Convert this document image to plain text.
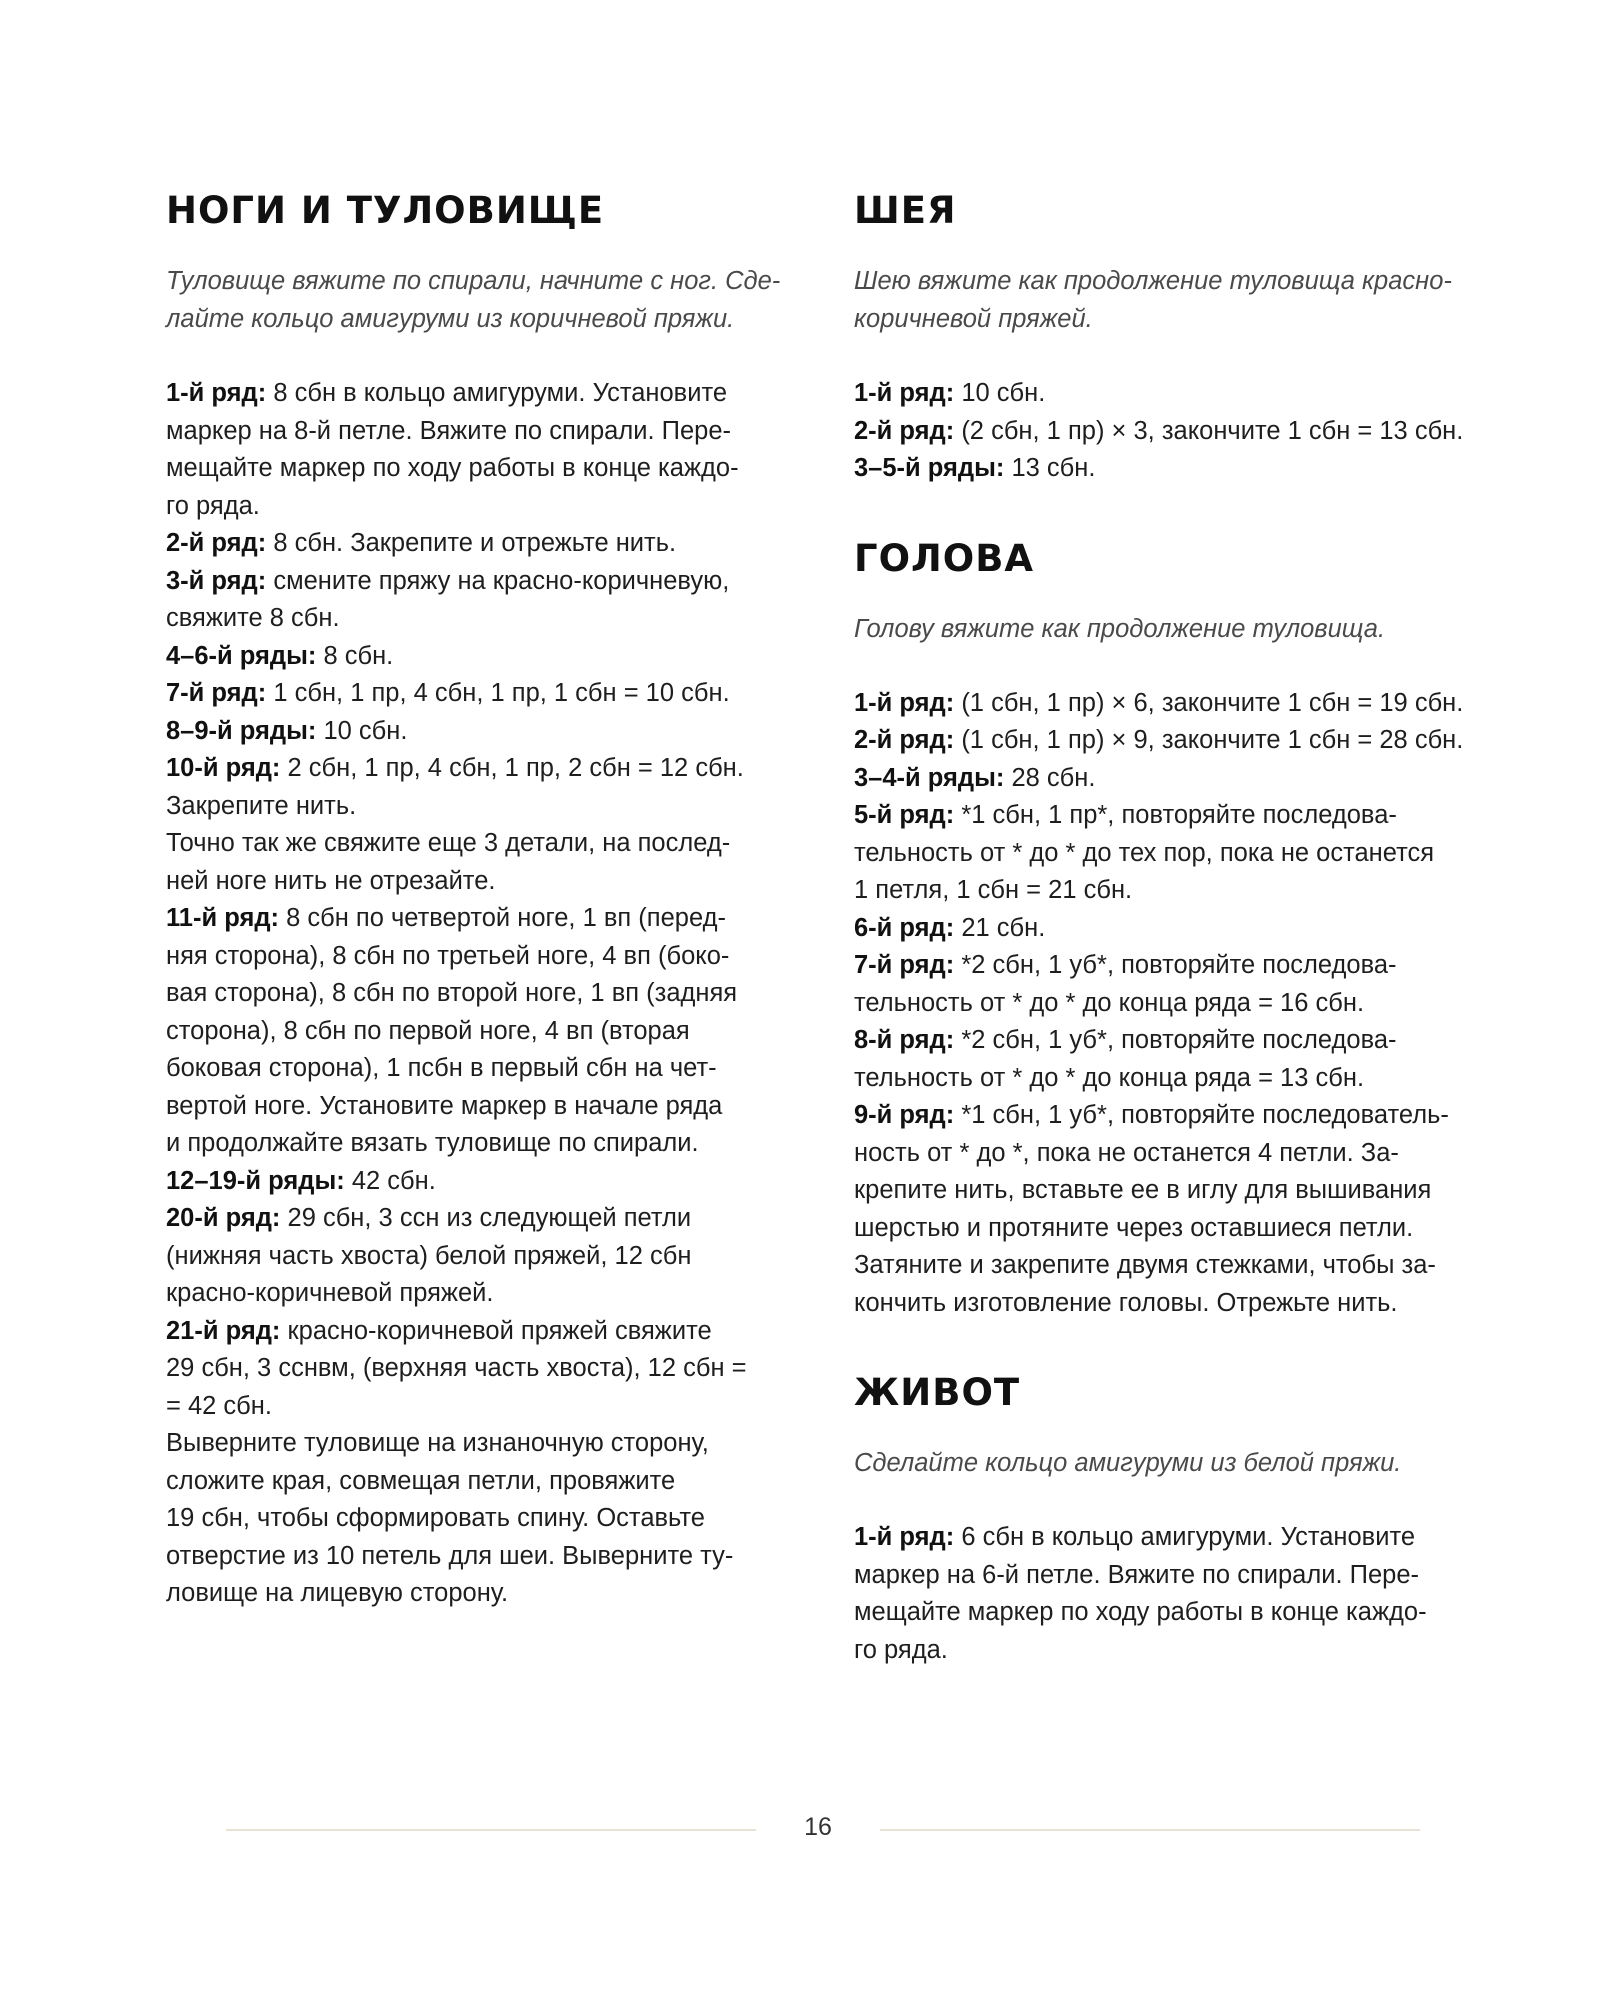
НОГИ И ТУЛОВИЩЕ
Туловище вяжите по спирали, начните с ног. Сде-
лайте кольцо амигуруми из коричневой пряжи.
1-й ряд: 8 сбн в кольцо амигуруми. Установите
маркер на 8-й петле. Вяжите по спирали. Пере-
мещайте маркер по ходу работы в конце каждо-
го ряда.
2-й ряд: 8 сбн. Закрепите и отрежьте нить.
3-й ряд: смените пряжу на красно-коричневую,
свяжите 8 сбн.
4–6-й ряды: 8 сбн.
7-й ряд: 1 сбн, 1 пр, 4 сбн, 1 пр, 1 сбн = 10 сбн.
8–9-й ряды: 10 сбн.
10-й ряд: 2 сбн, 1 пр, 4 сбн, 1 пр, 2 сбн = 12 сбн.
Закрепите нить.
Точно так же свяжите еще 3 детали, на послед-
ней ноге нить не отрезайте.
11-й ряд: 8 сбн по четвертой ноге, 1 вп (перед-
няя сторона), 8 сбн по третьей ноге, 4 вп (боко-
вая сторона), 8 сбн по второй ноге, 1 вп (задняя
сторона), 8 сбн по первой ноге, 4 вп (вторая
боковая сторона), 1 псбн в первый сбн на чет-
вертой ноге. Установите маркер в начале ряда
и продолжайте вязать туловище по спирали.
12–19-й ряды: 42 сбн.
20-й ряд: 29 сбн, 3 ссн из следующей петли
(нижняя часть хвоста) белой пряжей, 12 сбн
красно-коричневой пряжей.
21-й ряд: красно-коричневой пряжей свяжите
29 сбн, 3 сснвм, (верхняя часть хвоста), 12 сбн =
= 42 сбн.
Выверните туловище на изнаночную сторону,
сложите края, совмещая петли, провяжите
19 сбн, чтобы сформировать спину. Оставьте
отверстие из 10 петель для шеи. Выверните ту-
ловище на лицевую сторону.
ШЕЯ
Шею вяжите как продолжение туловища красно-
коричневой пряжей.
1-й ряд: 10 сбн.
2-й ряд: (2 сбн, 1 пр) × 3, закончите 1 сбн = 13 сбн.
3–5-й ряды: 13 сбн.
ГОЛОВА
Голову вяжите как продолжение туловища.
1-й ряд: (1 сбн, 1 пр) × 6, закончите 1 сбн = 19 сбн.
2-й ряд: (1 сбн, 1 пр) × 9, закончите 1 сбн = 28 сбн.
3–4-й ряды: 28 сбн.
5-й ряд: *1 сбн, 1 пр*, повторяйте последова-
тельность от * до * до тех пор, пока не останется
1 петля, 1 сбн = 21 сбн.
6-й ряд: 21 сбн.
7-й ряд: *2 сбн, 1 уб*, повторяйте последова-
тельность от * до * до конца ряда = 16 сбн.
8-й ряд: *2 сбн, 1 уб*, повторяйте последова-
тельность от * до * до конца ряда = 13 сбн.
9-й ряд: *1 сбн, 1 уб*, повторяйте последователь-
ность от * до *, пока не останется 4 петли. За-
крепите нить, вставьте ее в иглу для вышивания
шерстью и протяните через оставшиеся петли.
Затяните и закрепите двумя стежками, чтобы за-
кончить изготовление головы. Отрежьте нить.
ЖИВОТ
Сделайте кольцо амигуруми из белой пряжи.
1-й ряд: 6 сбн в кольцо амигуруми. Установите
маркер на 6-й петле. Вяжите по спирали. Пере-
мещайте маркер по ходу работы в конце каждо-
го ряда.
16
